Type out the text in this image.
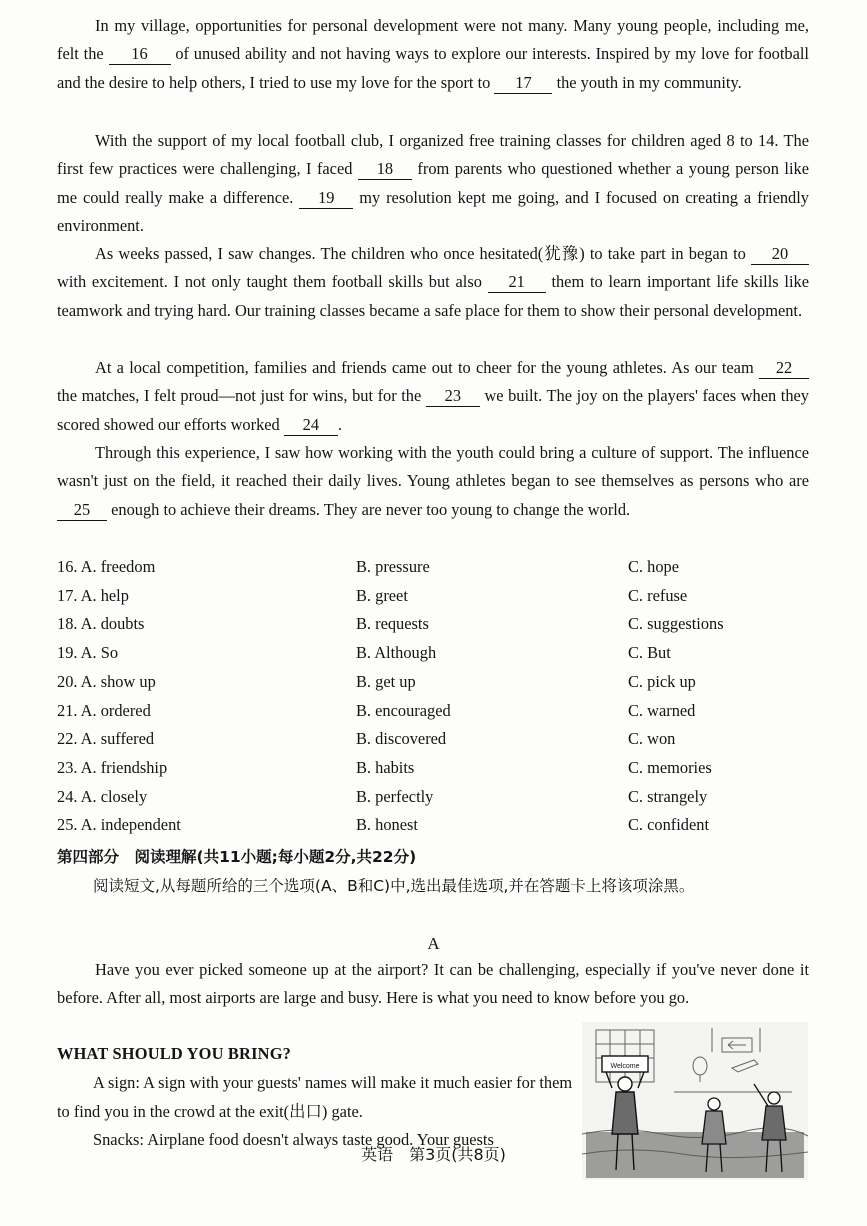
In my village, opportunities for personal development were not many. Many young people, including me, felt the 16 of unused ability and not having ways to explore our interests. Inspired by my love for football and the desire to help others, I tried to use my love for the sport to 17 the youth in my community.
With the support of my local football club, I organized free training classes for children aged 8 to 14. The first few practices were challenging, I faced 18 from parents who questioned whether a young person like me could really make a difference. 19 my resolution kept me going, and I focused on creating a friendly environment.
As weeks passed, I saw changes. The children who once hesitated(犹豫) to take part in began to 20 with excitement. I not only taught them football skills but also 21 them to learn important life skills like teamwork and trying hard. Our training classes became a safe place for them to show their personal development.
At a local competition, families and friends came out to cheer for the young athletes. As our team 22 the matches, I felt proud—not just for wins, but for the 23 we built. The joy on the players' faces when they scored showed our efforts worked 24 .
Through this experience, I saw how working with the youth could bring a culture of support. The influence wasn't just on the field, it reached their daily lives. Young athletes began to see themselves as persons who are 25 enough to achieve their dreams. They are never too young to change the world.
16. A. freedom	B. pressure	C. hope
17. A. help	B. greet	C. refuse
18. A. doubts	B. requests	C. suggestions
19. A. So	B. Although	C. But
20. A. show up	B. get up	C. pick up
21. A. ordered	B. encouraged	C. warned
22. A. suffered	B. discovered	C. won
23. A. friendship	B. habits	C. memories
24. A. closely	B. perfectly	C. strangely
25. A. independent	B. honest	C. confident
第四部分　阅读理解(共11小题;每小题2分,共22分)
阅读短文,从每题所给的三个选项(A、B和C)中,选出最佳选项,并在答题卡上将该项涂黑。
A
Have you ever picked someone up at the airport? It can be challenging, especially if you've never done it before. After all, most airports are large and busy. Here is what you need to know before you go.
WHAT SHOULD YOU BRING?
A sign: A sign with your guests' names will make it much easier for them to find you in the crowd at the exit(出口) gate.
Snacks: Airplane food doesn't always taste good. Your guests
Welcome
英语　第3页(共8页)
